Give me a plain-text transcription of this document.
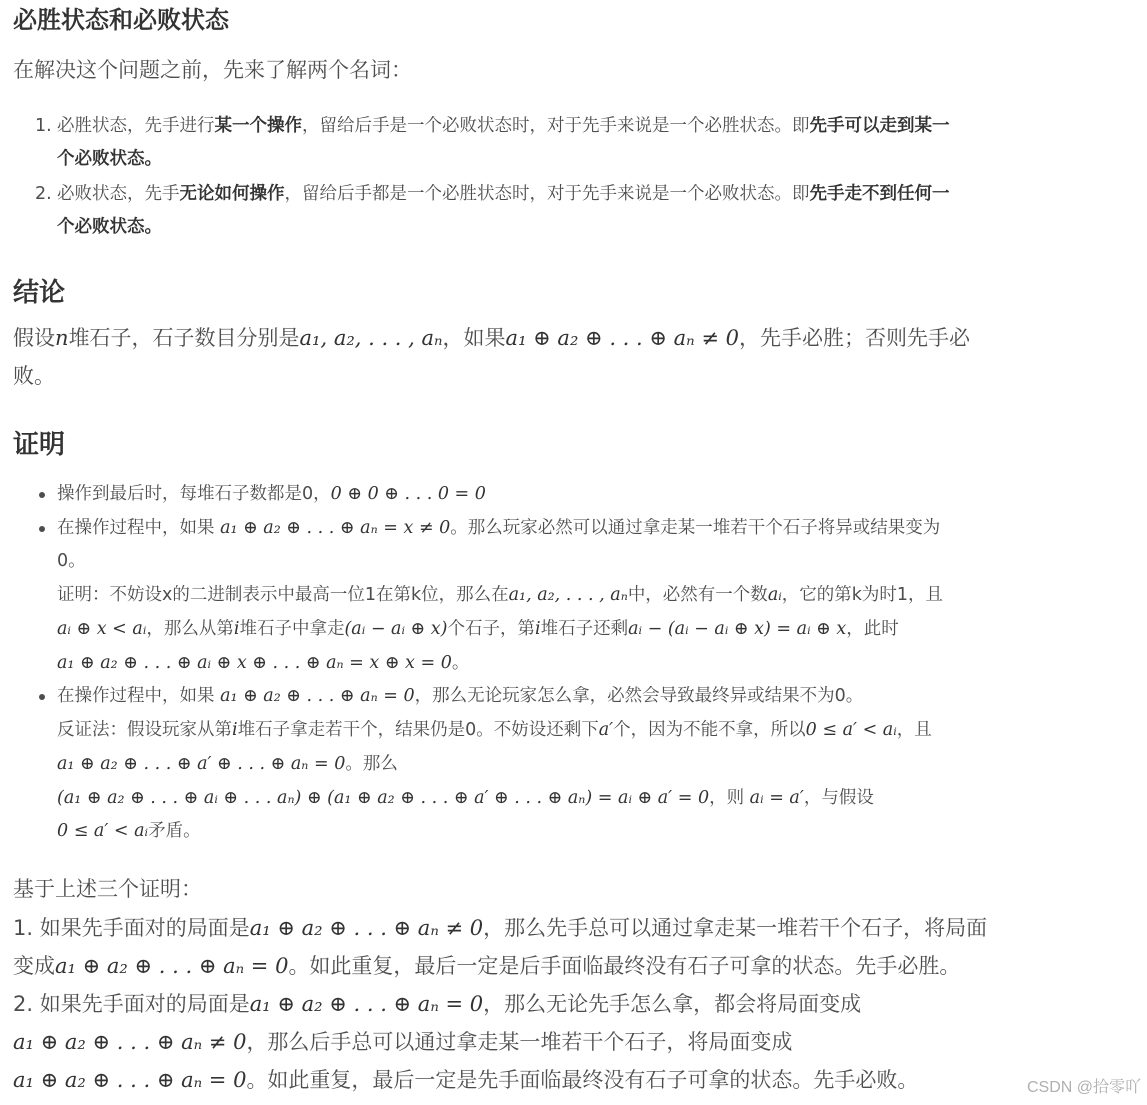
必胜状态和必败状态
在解决这个问题之前，先来了解两个名词：
1. 必胜状态，先手进行某一个操作，留给后手是一个必败状态时，对于先手来说是一个必胜状态。即先手可以走到某一
个必败状态。
2. 必败状态，先手无论如何操作，留给后手都是一个必胜状态时，对于先手来说是一个必败状态。即先手走不到任何一
个必败状态。
结论
假设n堆石子，石子数目分别是a₁, a₂, . . . , aₙ，如果a₁ ⊕ a₂ ⊕ . . . ⊕ aₙ ≠ 0，先手必胜；否则先手必
败。
证明
操作到最后时，每堆石子数都是0，0 ⊕ 0 ⊕ . . . 0 = 0
在操作过程中，如果 a₁ ⊕ a₂ ⊕ . . . ⊕ aₙ = x ≠ 0。那么玩家必然可以通过拿走某一堆若干个石子将异或结果变为
0。
证明：不妨设x的二进制表示中最高一位1在第k位，那么在a₁, a₂, . . . , aₙ中，必然有一个数aᵢ，它的第k为时1，且
aᵢ ⊕ x < aᵢ，那么从第i堆石子中拿走(aᵢ − aᵢ ⊕ x)个石子，第i堆石子还剩aᵢ − (aᵢ − aᵢ ⊕ x) = aᵢ ⊕ x，此时
a₁ ⊕ a₂ ⊕ . . . ⊕ aᵢ ⊕ x ⊕ . . . ⊕ aₙ = x ⊕ x = 0。
在操作过程中，如果 a₁ ⊕ a₂ ⊕ . . . ⊕ aₙ = 0，那么无论玩家怎么拿，必然会导致最终异或结果不为0。
反证法：假设玩家从第i堆石子拿走若干个，结果仍是0。不妨设还剩下a′个，因为不能不拿，所以0 ≤ a′ < aᵢ，且
a₁ ⊕ a₂ ⊕ . . . ⊕ a′ ⊕ . . . ⊕ aₙ = 0。那么
(a₁ ⊕ a₂ ⊕ . . . ⊕ aᵢ ⊕ . . . aₙ) ⊕ (a₁ ⊕ a₂ ⊕ . . . ⊕ a′ ⊕ . . . ⊕ aₙ) = aᵢ ⊕ a′ = 0，则 aᵢ = a′，与假设
0 ≤ a′ < aᵢ矛盾。
基于上述三个证明：
1. 如果先手面对的局面是a₁ ⊕ a₂ ⊕ . . . ⊕ aₙ ≠ 0，那么先手总可以通过拿走某一堆若干个石子，将局面
变成a₁ ⊕ a₂ ⊕ . . . ⊕ aₙ = 0。如此重复，最后一定是后手面临最终没有石子可拿的状态。先手必胜。
2. 如果先手面对的局面是a₁ ⊕ a₂ ⊕ . . . ⊕ aₙ = 0，那么无论先手怎么拿，都会将局面变成
a₁ ⊕ a₂ ⊕ . . . ⊕ aₙ ≠ 0，那么后手总可以通过拿走某一堆若干个石子，将局面变成
a₁ ⊕ a₂ ⊕ . . . ⊕ aₙ = 0。如此重复，最后一定是先手面临最终没有石子可拿的状态。先手必败。	CSDN @拾零吖
